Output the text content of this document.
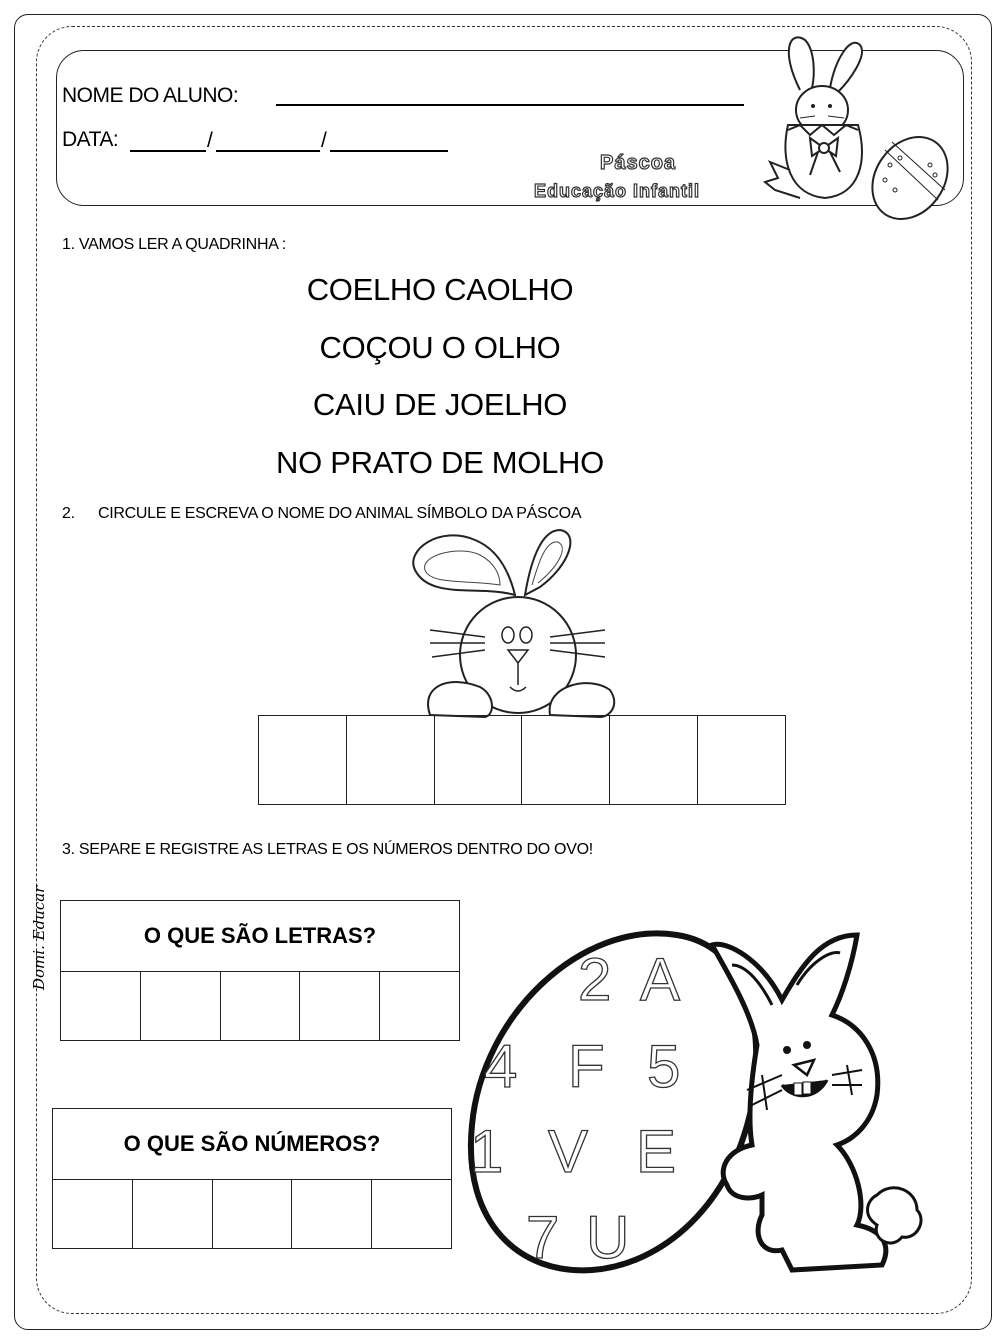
NOME DO ALUNO:
DATA:	/	/
Páscoa
Educação Infantil
1. VAMOS LER A QUADRINHA :
COELHO CAOLHO
COÇOU O OLHO
CAIU DE JOELHO
NO PRATO DE MOLHO
2. CIRCULE E ESCREVA O NOME DO ANIMAL SÍMBOLO DA PÁSCOA
3. SEPARE E REGISTRE AS LETRAS E OS NÚMEROS DENTRO DO OVO!
Domi. Educar	O QUE SÃO LETRAS?
O QUE SÃO NÚMEROS?
2 A
4 F 5
1 V E
7 U
